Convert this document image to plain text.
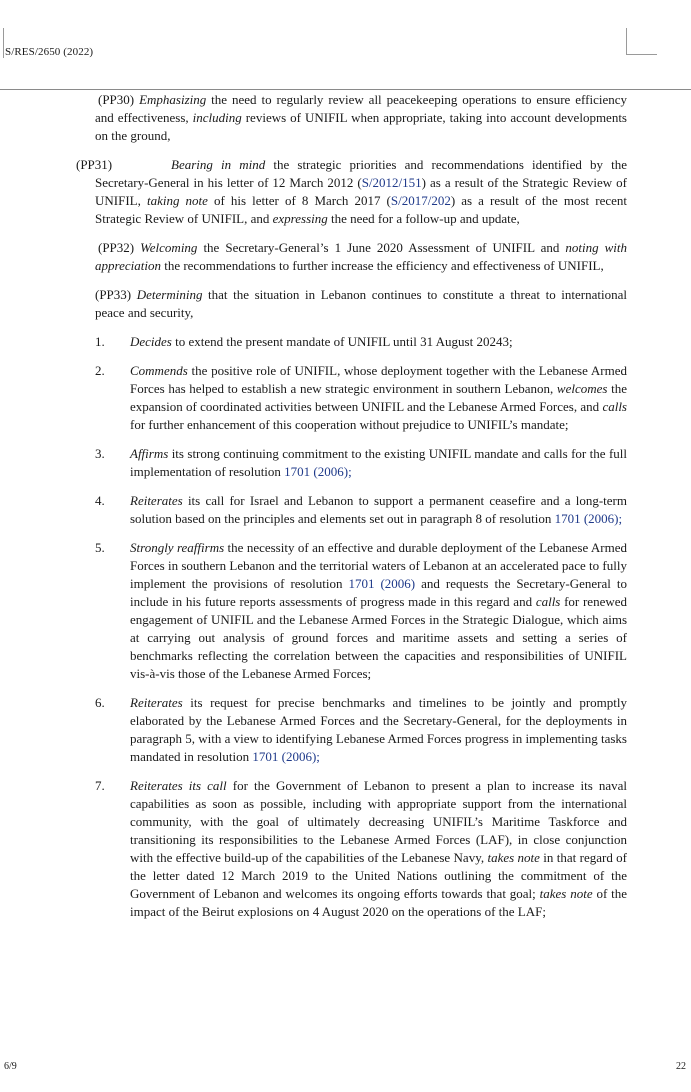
S/RES/2650 (2022)
(PP30) Emphasizing the need to regularly review all peacekeeping operations to ensure efficiency and effectiveness, including reviews of UNIFIL when appropriate, taking into account developments on the ground,
(PP31)	Bearing in mind the strategic priorities and recommendations identified by the Secretary-General in his letter of 12 March 2012 (S/2012/151) as a result of the Strategic Review of UNIFIL, taking note of his letter of 8 March 2017 (S/2017/202) as a result of the most recent Strategic Review of UNIFIL, and expressing the need for a follow-up and update,
(PP32) Welcoming the Secretary-General’s 1 June 2020 Assessment of UNIFIL and noting with appreciation the recommendations to further increase the efficiency and effectiveness of UNIFIL,
(PP33) Determining that the situation in Lebanon continues to constitute a threat to international peace and security,
1. Decides to extend the present mandate of UNIFIL until 31 August 20243;
2. Commends the positive role of UNIFIL, whose deployment together with the Lebanese Armed Forces has helped to establish a new strategic environment in southern Lebanon, welcomes the expansion of coordinated activities between UNIFIL and the Lebanese Armed Forces, and calls for further enhancement of this cooperation without prejudice to UNIFIL’s mandate;
3. Affirms its strong continuing commitment to the existing UNIFIL mandate and calls for the full implementation of resolution 1701 (2006);
4. Reiterates its call for Israel and Lebanon to support a permanent ceasefire and a long-term solution based on the principles and elements set out in paragraph 8 of resolution 1701 (2006);
5. Strongly reaffirms the necessity of an effective and durable deployment of the Lebanese Armed Forces in southern Lebanon and the territorial waters of Lebanon at an accelerated pace to fully implement the provisions of resolution 1701 (2006) and requests the Secretary-General to include in his future reports assessments of progress made in this regard and calls for renewed engagement of UNIFIL and the Lebanese Armed Forces in the Strategic Dialogue, which aims at carrying out analysis of ground forces and maritime assets and setting a series of benchmarks reflecting the correlation between the capacities and responsibilities of UNIFIL vis-à-vis those of the Lebanese Armed Forces;
6. Reiterates its request for precise benchmarks and timelines to be jointly and promptly elaborated by the Lebanese Armed Forces and the Secretary-General, for the deployments in paragraph 5, with a view to identifying Lebanese Armed Forces progress in implementing tasks mandated in resolution 1701 (2006);
7. Reiterates its call for the Government of Lebanon to present a plan to increase its naval capabilities as soon as possible, including with appropriate support from the international community, with the goal of ultimately decreasing UNIFIL’s Maritime Taskforce and transitioning its responsibilities to the Lebanese Armed Forces (LAF), in close conjunction with the effective build-up of the capabilities of the Lebanese Navy, takes note in that regard of the letter dated 12 March 2019 to the United Nations outlining the commitment of the Government of Lebanon and welcomes its ongoing efforts towards that goal; takes note of the impact of the Beirut explosions on 4 August 2020 on the operations of the LAF;
6/9	22
